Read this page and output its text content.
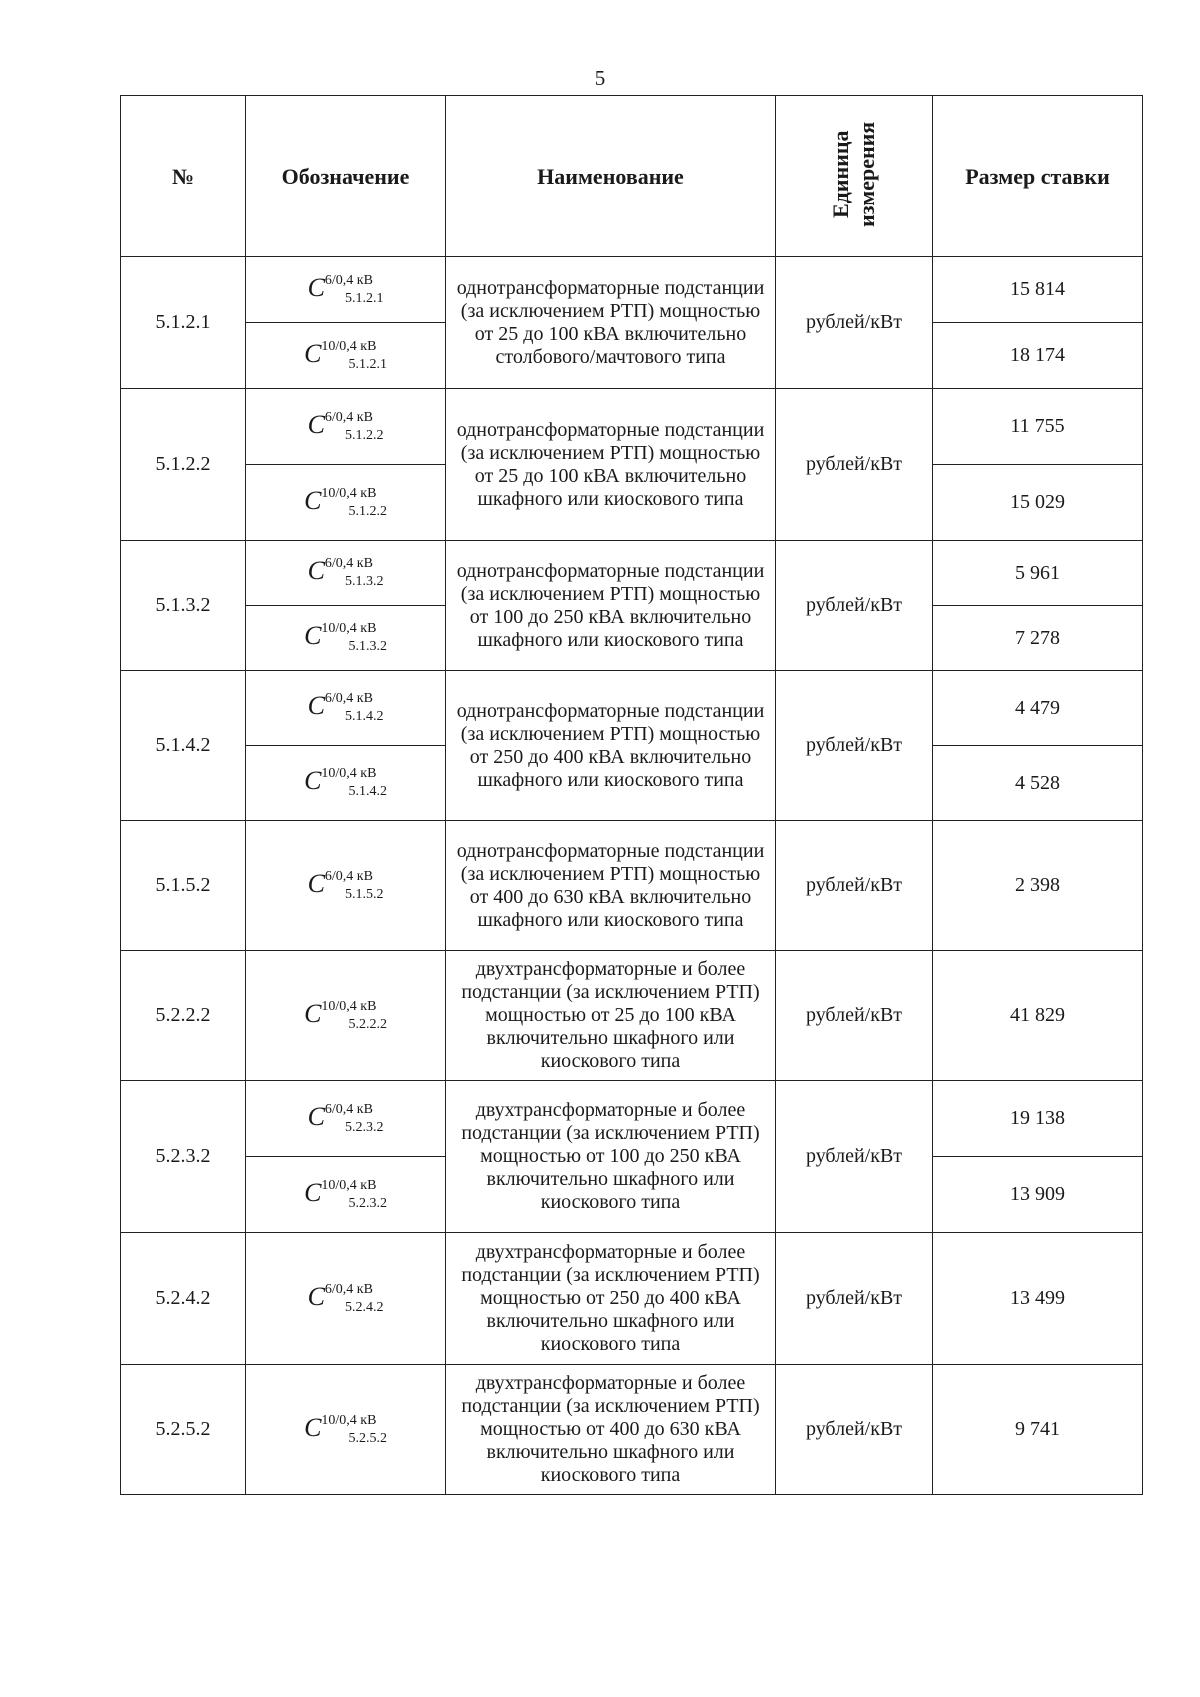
5
№	Обозначение	Наименование	Единица измерения	Размер ставки
5.1.2.1	$C^{6/0,4 кВ}_{5.1.2.1}$	однотрансформаторные подстанции (за исключением РТП) мощностью от 25 до 100 кВА включительно столбового/мачтового типа	рублей/кВт	15 814
	$C^{10/0,4 кВ}_{5.1.2.1}$			18 174
5.1.2.2	$C^{6/0,4 кВ}_{5.1.2.2}$	однотрансформаторные подстанции (за исключением РТП) мощностью от 25 до 100 кВА включительно шкафного или киоскового типа	рублей/кВт	11 755
	$C^{10/0,4 кВ}_{5.1.2.2}$			15 029
5.1.3.2	$C^{6/0,4 кВ}_{5.1.3.2}$	однотрансформаторные подстанции (за исключением РТП) мощностью от 100 до 250 кВА включительно шкафного или киоскового типа	рублей/кВт	5 961
	$C^{10/0,4 кВ}_{5.1.3.2}$			7 278
5.1.4.2	$C^{6/0,4 кВ}_{5.1.4.2}$	однотрансформаторные подстанции (за исключением РТП) мощностью от 250 до 400 кВА включительно шкафного или киоскового типа	рублей/кВт	4 479
	$C^{10/0,4 кВ}_{5.1.4.2}$			4 528
5.1.5.2	$C^{6/0,4 кВ}_{5.1.5.2}$	однотрансформаторные подстанции (за исключением РТП) мощностью от 400 до 630 кВА включительно шкафного или киоскового типа	рублей/кВт	2 398
5.2.2.2	$C^{10/0,4 кВ}_{5.2.2.2}$	двухтрансформаторные и более подстанции (за исключением РТП) мощностью от 25 до 100 кВА включительно шкафного или киоскового типа	рублей/кВт	41 829
5.2.3.2	$C^{6/0,4 кВ}_{5.2.3.2}$	двухтрансформаторные и более подстанции (за исключением РТП) мощностью от 100 до 250 кВА включительно шкафного или киоскового типа	рублей/кВт	19 138
	$C^{10/0,4 кВ}_{5.2.3.2}$			13 909
5.2.4.2	$C^{6/0,4 кВ}_{5.2.4.2}$	двухтрансформаторные и более подстанции (за исключением РТП) мощностью от 250 до 400 кВА включительно шкафного или киоскового типа	рублей/кВт	13 499
5.2.5.2	$C^{10/0,4 кВ}_{5.2.5.2}$	двухтрансформаторные и более подстанции (за исключением РТП) мощностью от 400 до 630 кВА включительно шкафного или киоскового типа	рублей/кВт	9 741
